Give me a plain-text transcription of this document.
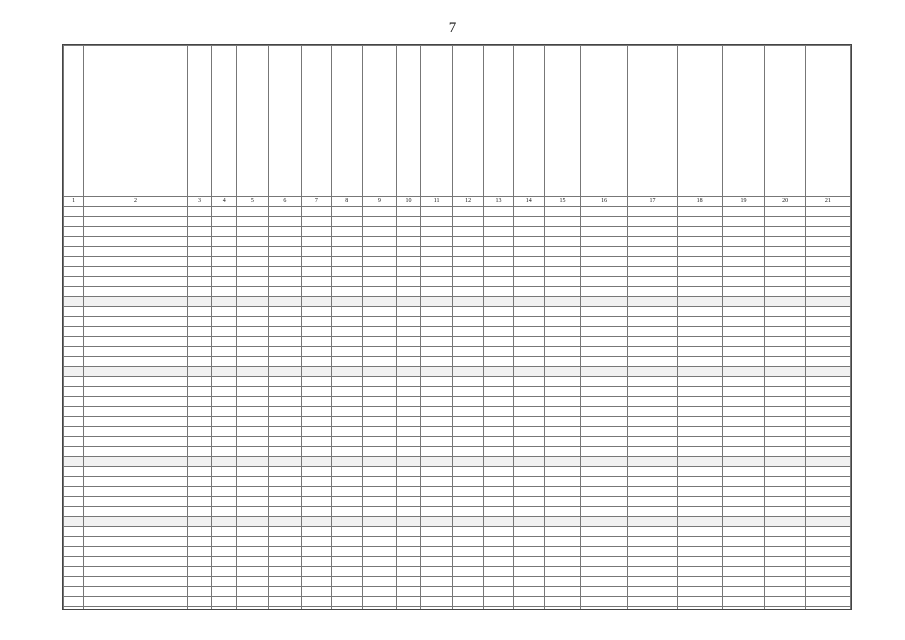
7

1	2	3	4	5	6	7	8	9	10	11	12	13	14	15	16	17	18	19	20	21
